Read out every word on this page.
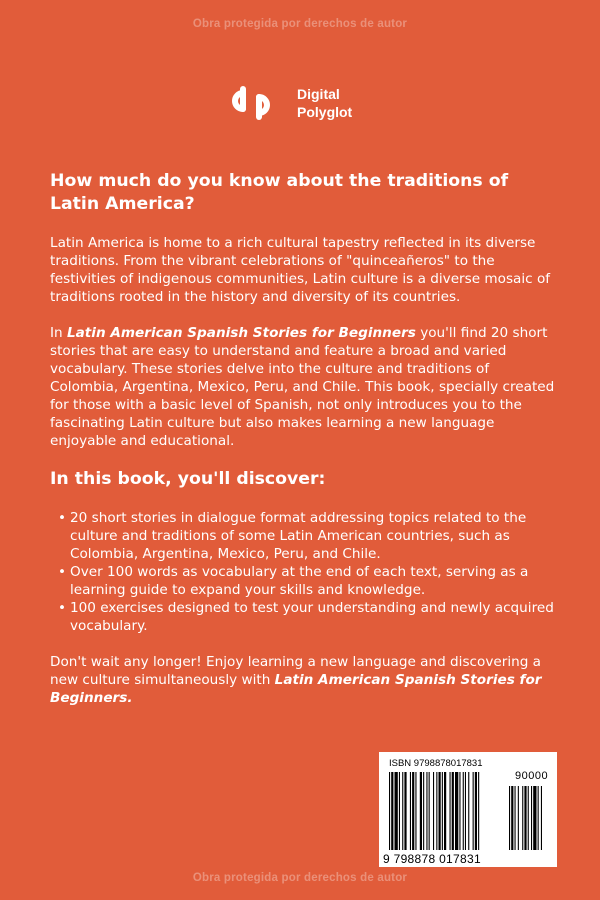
Obra protegida por derechos de autor
Digital
Polyglot
How much do you know about the traditions of Latin America?

Latin America is home to a rich cultural tapestry reflected in its diverse traditions. From the vibrant celebrations of "quinceañeros" to the festivities of indigenous communities, Latin culture is a diverse mosaic of traditions rooted in the history and diversity of its countries.

In Latin American Spanish Stories for Beginners you'll find 20 short stories that are easy to understand and feature a broad and varied vocabulary. These stories delve into the culture and traditions of Colombia, Argentina, Mexico, Peru, and Chile. This book, specially created for those with a basic level of Spanish, not only introduces you to the fascinating Latin culture but also makes learning a new language enjoyable and educational.

In this book, you'll discover:
• 20 short stories in dialogue format addressing topics related to the culture and traditions of some Latin American countries, such as Colombia, Argentina, Mexico, Peru, and Chile.
• Over 100 words as vocabulary at the end of each text, serving as a learning guide to expand your skills and knowledge.
• 100 exercises designed to test your understanding and newly acquired vocabulary.

Don't wait any longer! Enjoy learning a new language and discovering a new culture simultaneously with Latin American Spanish Stories for Beginners.

ISBN 9798878017831
90000
9 798878 017831
Obra protegida por derechos de autor
